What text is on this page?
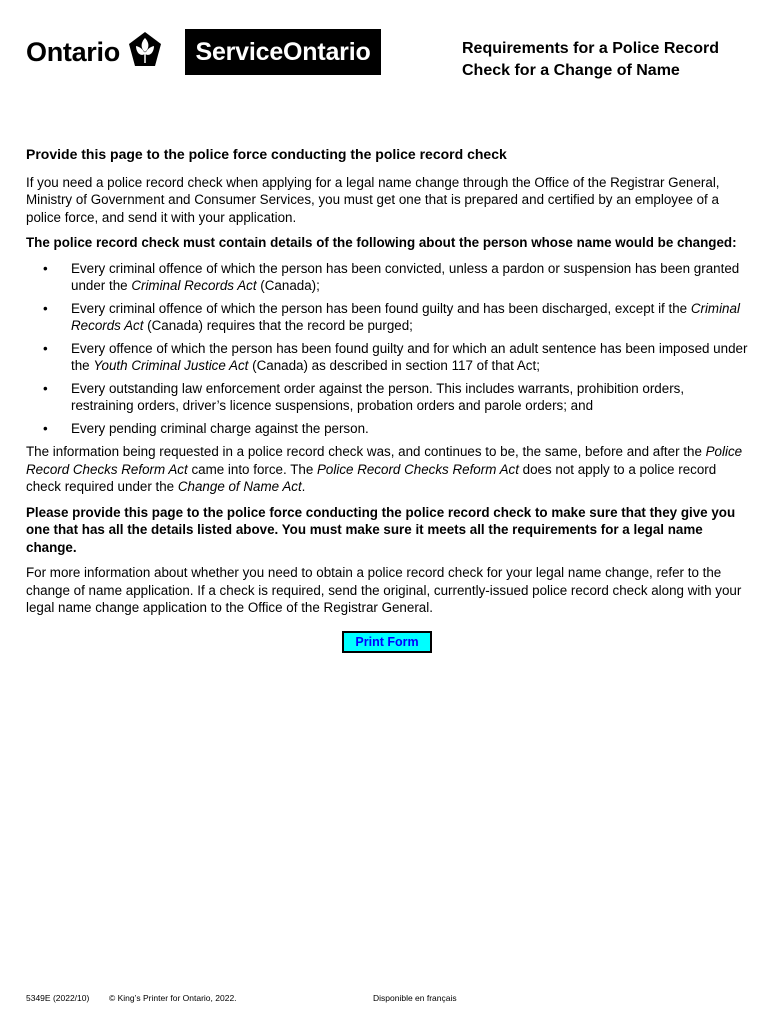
Ontario	ServiceOntario	Requirements for a Police Record Check for a Change of Name

Provide this page to the police force conducting the police record check

If you need a police record check when applying for a legal name change through the Office of the Registrar General, Ministry of Government and Consumer Services, you must get one that is prepared and certified by an employee of a police force, and send it with your application.

The police record check must contain details of the following about the person whose name would be changed:

• Every criminal offence of which the person has been convicted, unless a pardon or suspension has been granted under the Criminal Records Act (Canada);
• Every criminal offence of which the person has been found guilty and has been discharged, except if the Criminal Records Act (Canada) requires that the record be purged;
• Every offence of which the person has been found guilty and for which an adult sentence has been imposed under the Youth Criminal Justice Act (Canada) as described in section 117 of that Act;
• Every outstanding law enforcement order against the person. This includes warrants, prohibition orders, restraining orders, driver’s licence suspensions, probation orders and parole orders; and
• Every pending criminal charge against the person.

The information being requested in a police record check was, and continues to be, the same, before and after the Police Record Checks Reform Act came into force. The Police Record Checks Reform Act does not apply to a police record check required under the Change of Name Act.

Please provide this page to the police force conducting the police record check to make sure that they give you one that has all the details listed above. You must make sure it meets all the requirements for a legal name change.

For more information about whether you need to obtain a police record check for your legal name change, refer to the change of name application. If a check is required, send the original, currently-issued police record check along with your legal name change application to the Office of the Registrar General.

Print Form
5349E (2022/10) © King’s Printer for Ontario, 2022.	Disponible en français
